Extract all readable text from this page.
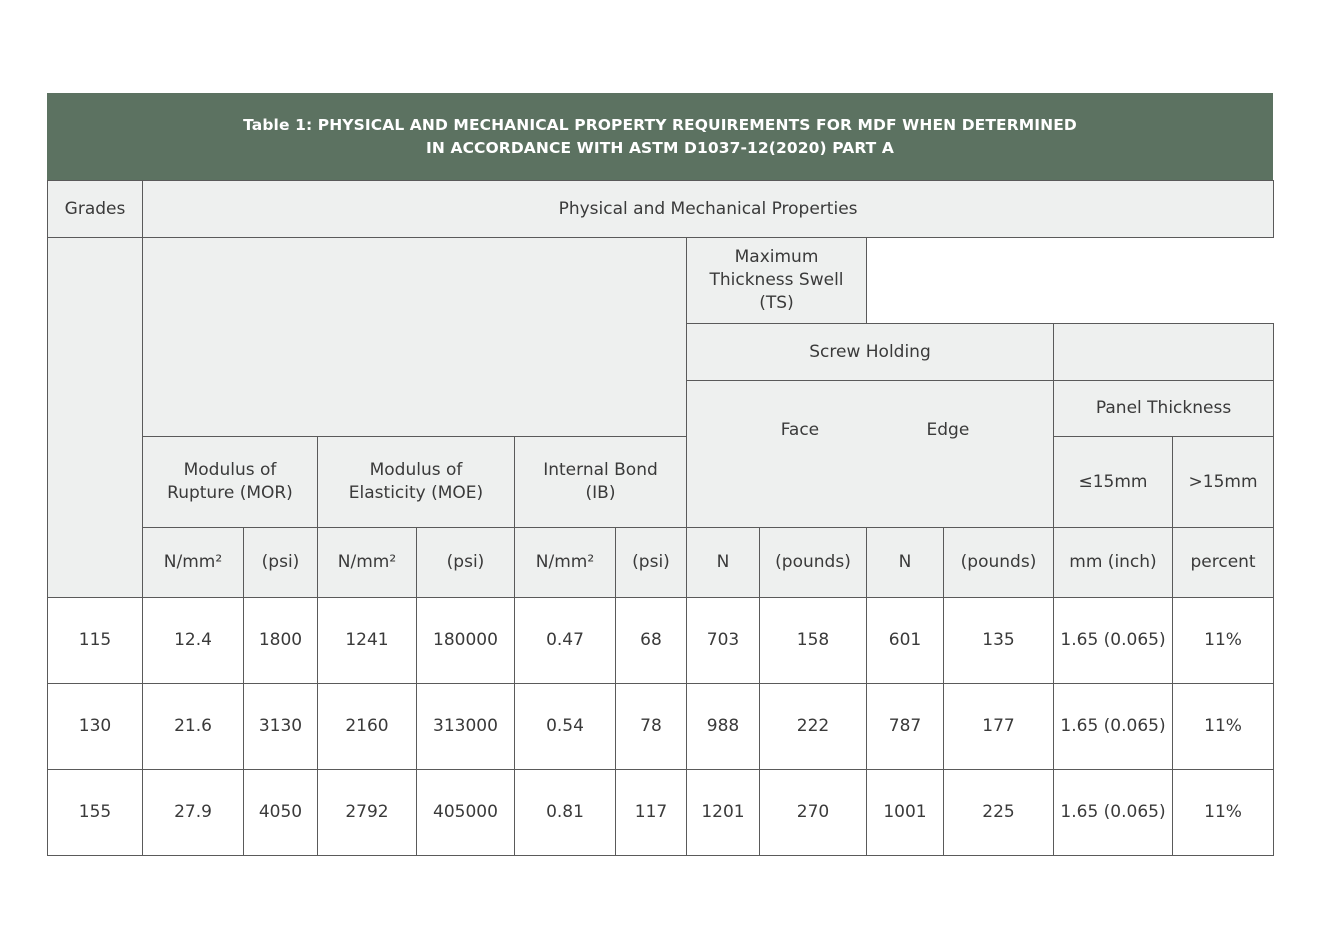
Table 1: PHYSICAL AND MECHANICAL PROPERTY REQUIREMENTS FOR MDF WHEN DETERMINED
IN ACCORDANCE WITH ASTM D1037-12(2020) PART A
Grades	Physical and Mechanical Properties											

							Maximum Thickness Swell (TS)					

							Screw Holding					

							Face Edge				Panel Thickness	

	Modulus of Rupture (MOR)		Modulus of Elasticity (MOE)		Internal Bond (IB)						≤15mm	>15mm
	N/mm²	(psi)	N/mm²	(psi)	N/mm²	(psi)	N	(pounds)	N	(pounds)	mm (inch)	percent
115	12.4	1800	1241	180000	0.47	68	703	158	601	135	1.65 (0.065)	11%
130	21.6	3130	2160	313000	0.54	78	988	222	787	177	1.65 (0.065)	11%
155	27.9	4050	2792	405000	0.81	117	1201	270	1001	225	1.65 (0.065)	11%
